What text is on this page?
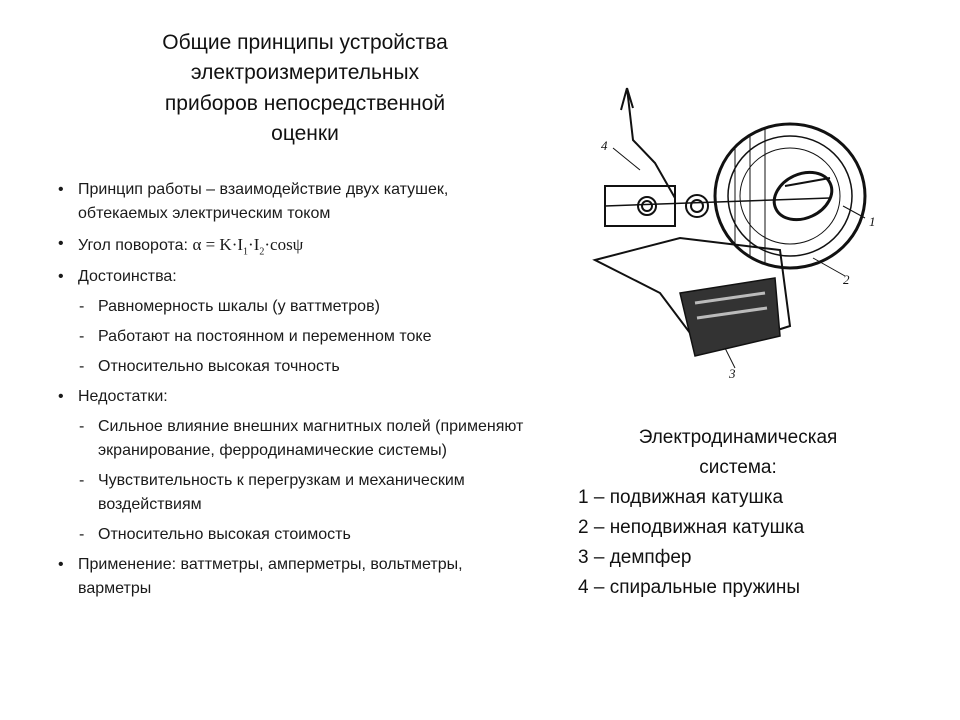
Общие принципы устройства
электроизмерительных
приборов непосредственной
оценки
• Принцип работы – взаимодействие двух катушек, обтекаемых электрическим током
• Угол поворота: $\alpha = K\cdot I_1\cdot I_2\cdot\cos\psi$
• Достоинства:
- Равномерность шкалы (у ваттметров)
- Работают на постоянном и переменном токе
- Относительно высокая точность
• Недостатки:
- Сильное влияние внешних магнитных полей (применяют экранирование, ферродинамические системы)
- Чувствительность к перегрузкам и механическим воздействиям
- Относительно высокая стоимость
• Применение: ваттметры, амперметры, вольтметры, варметры
4
1
2
3
Электродинамическая
система:
1 – подвижная катушка
2 – неподвижная катушка
3 – демпфер
4 – спиральные пружины
